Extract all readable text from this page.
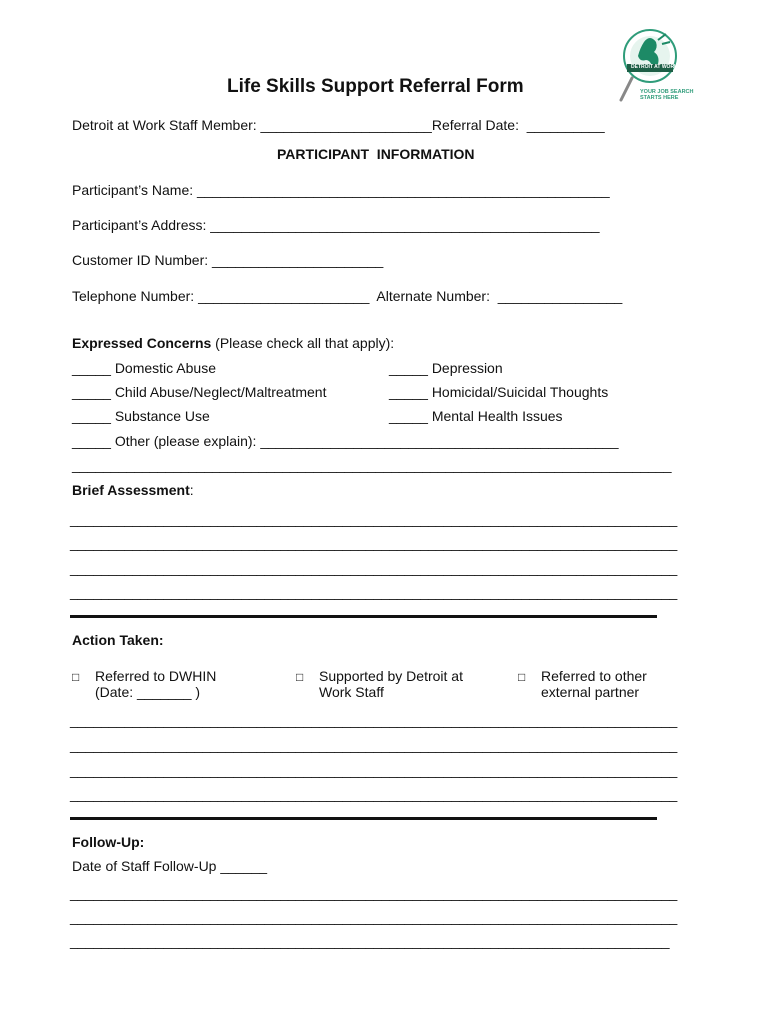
DETROIT AT WORK
YOUR JOB SEARCH
STARTS HERE
Life Skills Support Referral Form
Detroit at Work Staff Member: ______________________Referral Date:  __________
PARTICIPANT  INFORMATION
Participant’s Name: _____________________________________________________
Participant’s Address: __________________________________________________
Customer ID Number: ______________________
Telephone Number: ______________________  Alternate Number:  ________________
Expressed Concerns (Please check all that apply):
_____ Domestic Abuse
_____ Child Abuse/Neglect/Maltreatment
_____ Substance Use
_____ Depression
_____ Homicidal/Suicidal Thoughts
_____ Mental Health Issues
_____ Other (please explain): ______________________________________________
_____________________________________________________________________________
Brief Assessment:
______________________________________________________________________________
______________________________________________________________________________
______________________________________________________________________________
______________________________________________________________________________
Action Taken:
□ Referred to DWHIN
(Date: _______ )
□ Supported by Detroit at
Work Staff
□ Referred to other
external partner
______________________________________________________________________________
______________________________________________________________________________
______________________________________________________________________________
______________________________________________________________________________
Follow-Up:
Date of Staff Follow-Up ______
______________________________________________________________________________
______________________________________________________________________________
_____________________________________________________________________________
